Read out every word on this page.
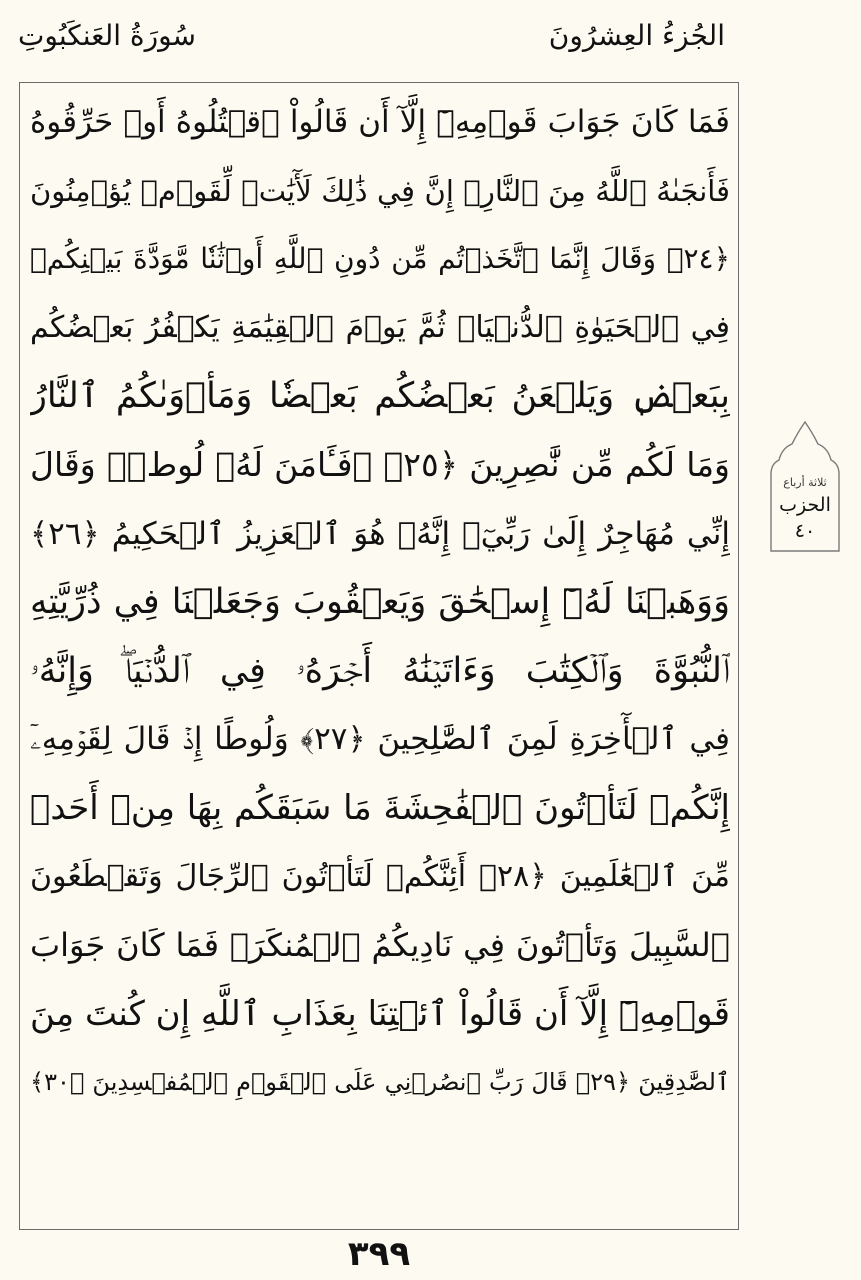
الجُزءُ العِشرُونَ
سُورَةُ العَنكَبُوتِ
فَمَا كَانَ جَوَابَ قَوۡمِهِۦٓ إِلَّآ أَن قَالُواْ ٱقۡتُلُوهُ أَوۡ حَرِّقُوهُ
فَأَنجَىٰهُ ٱللَّهُ مِنَ ٱلنَّارِۚ إِنَّ فِي ذَٰلِكَ لَأٓيَٰتٖ لِّقَوۡمٖ يُؤۡمِنُونَ
﴿٢٤﴾ وَقَالَ إِنَّمَا ٱتَّخَذۡتُم مِّن دُونِ ٱللَّهِ أَوۡثَٰنٗا مَّوَدَّةَ بَيۡنِكُمۡ
فِي ٱلۡحَيَوٰةِ ٱلدُّنۡيَاۖ ثُمَّ يَوۡمَ ٱلۡقِيَٰمَةِ يَكۡفُرُ بَعۡضُكُم
بِبَعۡضٖ وَيَلۡعَنُ بَعۡضُكُم بَعۡضٗا وَمَأۡوَىٰكُمُ ٱلنَّارُ
وَمَا لَكُم مِّن نَّٰصِرِينَ ﴿٢٥﴾ ۞فَـَٔامَنَ لَهُۥ لُوطٞۘ وَقَالَ
إِنِّي مُهَاجِرٌ إِلَىٰ رَبِّيٓۖ إِنَّهُۥ هُوَ ٱلۡعَزِيزُ ٱلۡحَكِيمُ ﴿٢٦﴾
وَوَهَبۡنَا لَهُۥٓ إِسۡحَٰقَ وَيَعۡقُوبَ وَجَعَلۡنَا فِي ذُرِّيَّتِهِ
ٱلنُّبُوَّةَ وَٱلۡكِتَٰبَ وَءَاتَيۡنَٰهُ أَجۡرَهُۥ فِي ٱلدُّنۡيَاۖ وَإِنَّهُۥ
فِي ٱلۡأٓخِرَةِ لَمِنَ ٱلصَّٰلِحِينَ ﴿٢٧﴾ وَلُوطًا إِذۡ قَالَ لِقَوۡمِهِۦٓ
إِنَّكُمۡ لَتَأۡتُونَ ٱلۡفَٰحِشَةَ مَا سَبَقَكُم بِهَا مِنۡ أَحَدٖ
مِّنَ ٱلۡعَٰلَمِينَ ﴿٢٨﴾ أَئِنَّكُمۡ لَتَأۡتُونَ ٱلرِّجَالَ وَتَقۡطَعُونَ
ٱلسَّبِيلَ وَتَأۡتُونَ فِي نَادِيكُمُ ٱلۡمُنكَرَۖ فَمَا كَانَ جَوَابَ
قَوۡمِهِۦٓ إِلَّآ أَن قَالُواْ ٱئۡتِنَا بِعَذَابِ ٱللَّهِ إِن كُنتَ مِنَ
ٱلصَّٰدِقِينَ ﴿٢٩﴾ قَالَ رَبِّ ٱنصُرۡنِي عَلَى ٱلۡقَوۡمِ ٱلۡمُفۡسِدِينَ ﴿٣٠﴾
ثلاثة أرباع
الحزب
٤٠
٣٩٩
